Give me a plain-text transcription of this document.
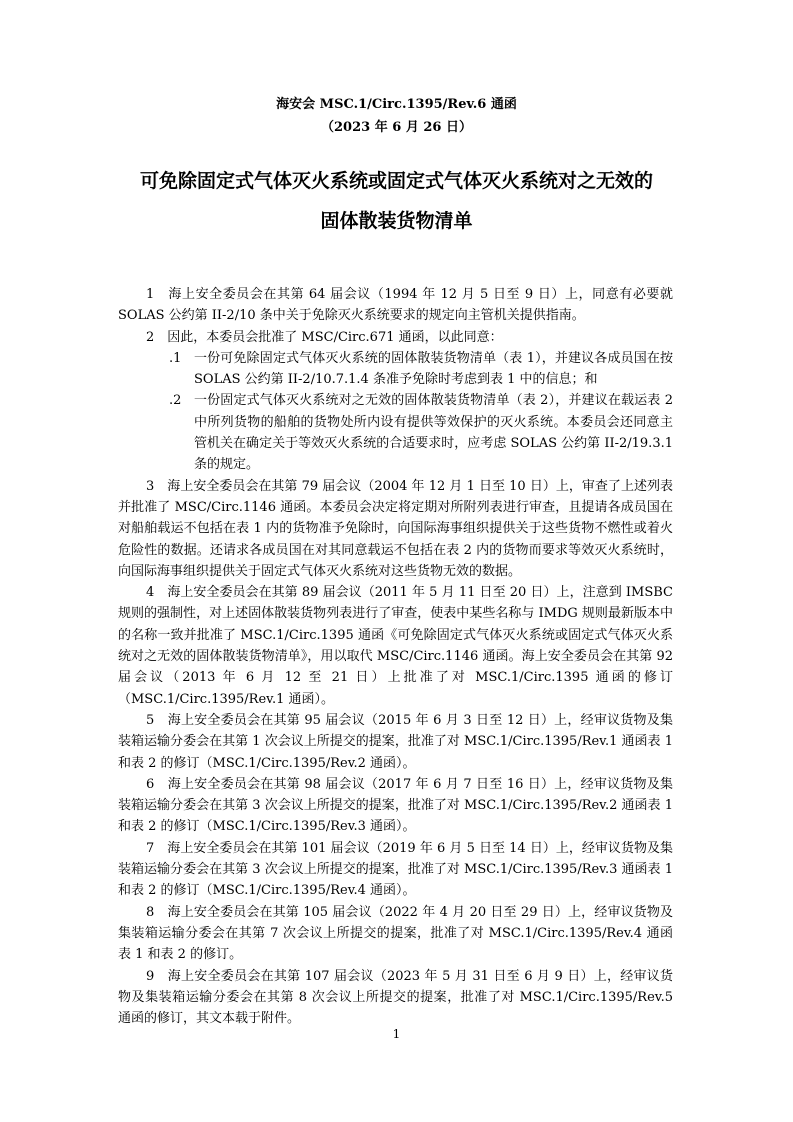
海安会 MSC.1/Circ.1395/Rev.6 通函
（2023 年 6 月 26 日）
可免除固定式气体灭火系统或固定式气体灭火系统对之无效的
固体散装货物清单

1　海上安全委员会在其第 64 届会议（1994 年 12 月 5 日至 9 日）上，同意有必要就 SOLAS 公约第 II-2/10 条中关于免除灭火系统要求的规定向主管机关提供指南。

2　因此，本委员会批准了 MSC/Circ.671 通函，以此同意：

.1 一份可免除固定式气体灭火系统的固体散装货物清单（表 1），并建议各成员国在按 SOLAS 公约第 II-2/10.7.1.4 条准予免除时考虑到表 1 中的信息；和
.2 一份固定式气体灭火系统对之无效的固体散装货物清单（表 2），并建议在载运表 2 中所列货物的船舶的货物处所内设有提供等效保护的灭火系统。本委员会还同意主管机关在确定关于等效灭火系统的合适要求时，应考虑 SOLAS 公约第 II-2/19.3.1 条的规定。

3　海上安全委员会在其第 79 届会议（2004 年 12 月 1 日至 10 日）上，审查了上述列表并批准了 MSC/Circ.1146 通函。本委员会决定将定期对所附列表进行审查，且提请各成员国在对船舶载运不包括在表 1 内的货物准予免除时，向国际海事组织提供关于这些货物不燃性或着火危险性的数据。还请求各成员国在对其同意载运不包括在表 2 内的货物而要求等效灭火系统时，向国际海事组织提供关于固定式气体灭火系统对这些货物无效的数据。

4　海上安全委员会在其第 89 届会议（2011 年 5 月 11 日至 20 日）上，注意到 IMSBC 规则的强制性，对上述固体散装货物列表进行了审查，使表中某些名称与 IMDG 规则最新版本中的名称一致并批准了 MSC.1/Circ.1395 通函《可免除固定式气体灭火系统或固定式气体灭火系统对之无效的固体散装货物清单》，用以取代 MSC/Circ.1146 通函。海上安全委员会在其第 92 届会议（2013 年 6 月 12 至 21 日）上批准了对 MSC.1/Circ.1395 通函的修订（MSC.1/Circ.1395/Rev.1 通函）。

5　海上安全委员会在其第 95 届会议（2015 年 6 月 3 日至 12 日）上，经审议货物及集装箱运输分委会在其第 1 次会议上所提交的提案，批准了对 MSC.1/Circ.1395/Rev.1 通函表 1 和表 2 的修订（MSC.1/Circ.1395/Rev.2 通函）。

6　海上安全委员会在其第 98 届会议（2017 年 6 月 7 日至 16 日）上，经审议货物及集装箱运输分委会在其第 3 次会议上所提交的提案，批准了对 MSC.1/Circ.1395/Rev.2 通函表 1 和表 2 的修订（MSC.1/Circ.1395/Rev.3 通函）。

7　海上安全委员会在其第 101 届会议（2019 年 6 月 5 日至 14 日）上，经审议货物及集装箱运输分委会在其第 3 次会议上所提交的提案，批准了对 MSC.1/Circ.1395/Rev.3 通函表 1 和表 2 的修订（MSC.1/Circ.1395/Rev.4 通函）。

8　海上安全委员会在其第 105 届会议（2022 年 4 月 20 日至 29 日）上，经审议货物及集装箱运输分委会在其第 7 次会议上所提交的提案，批准了对 MSC.1/Circ.1395/Rev.4 通函表 1 和表 2 的修订。

9　海上安全委员会在其第 107 届会议（2023 年 5 月 31 日至 6 月 9 日）上，经审议货物及集装箱运输分委会在其第 8 次会议上所提交的提案，批准了对 MSC.1/Circ.1395/Rev.5 通函的修订，其文本载于附件。

1
